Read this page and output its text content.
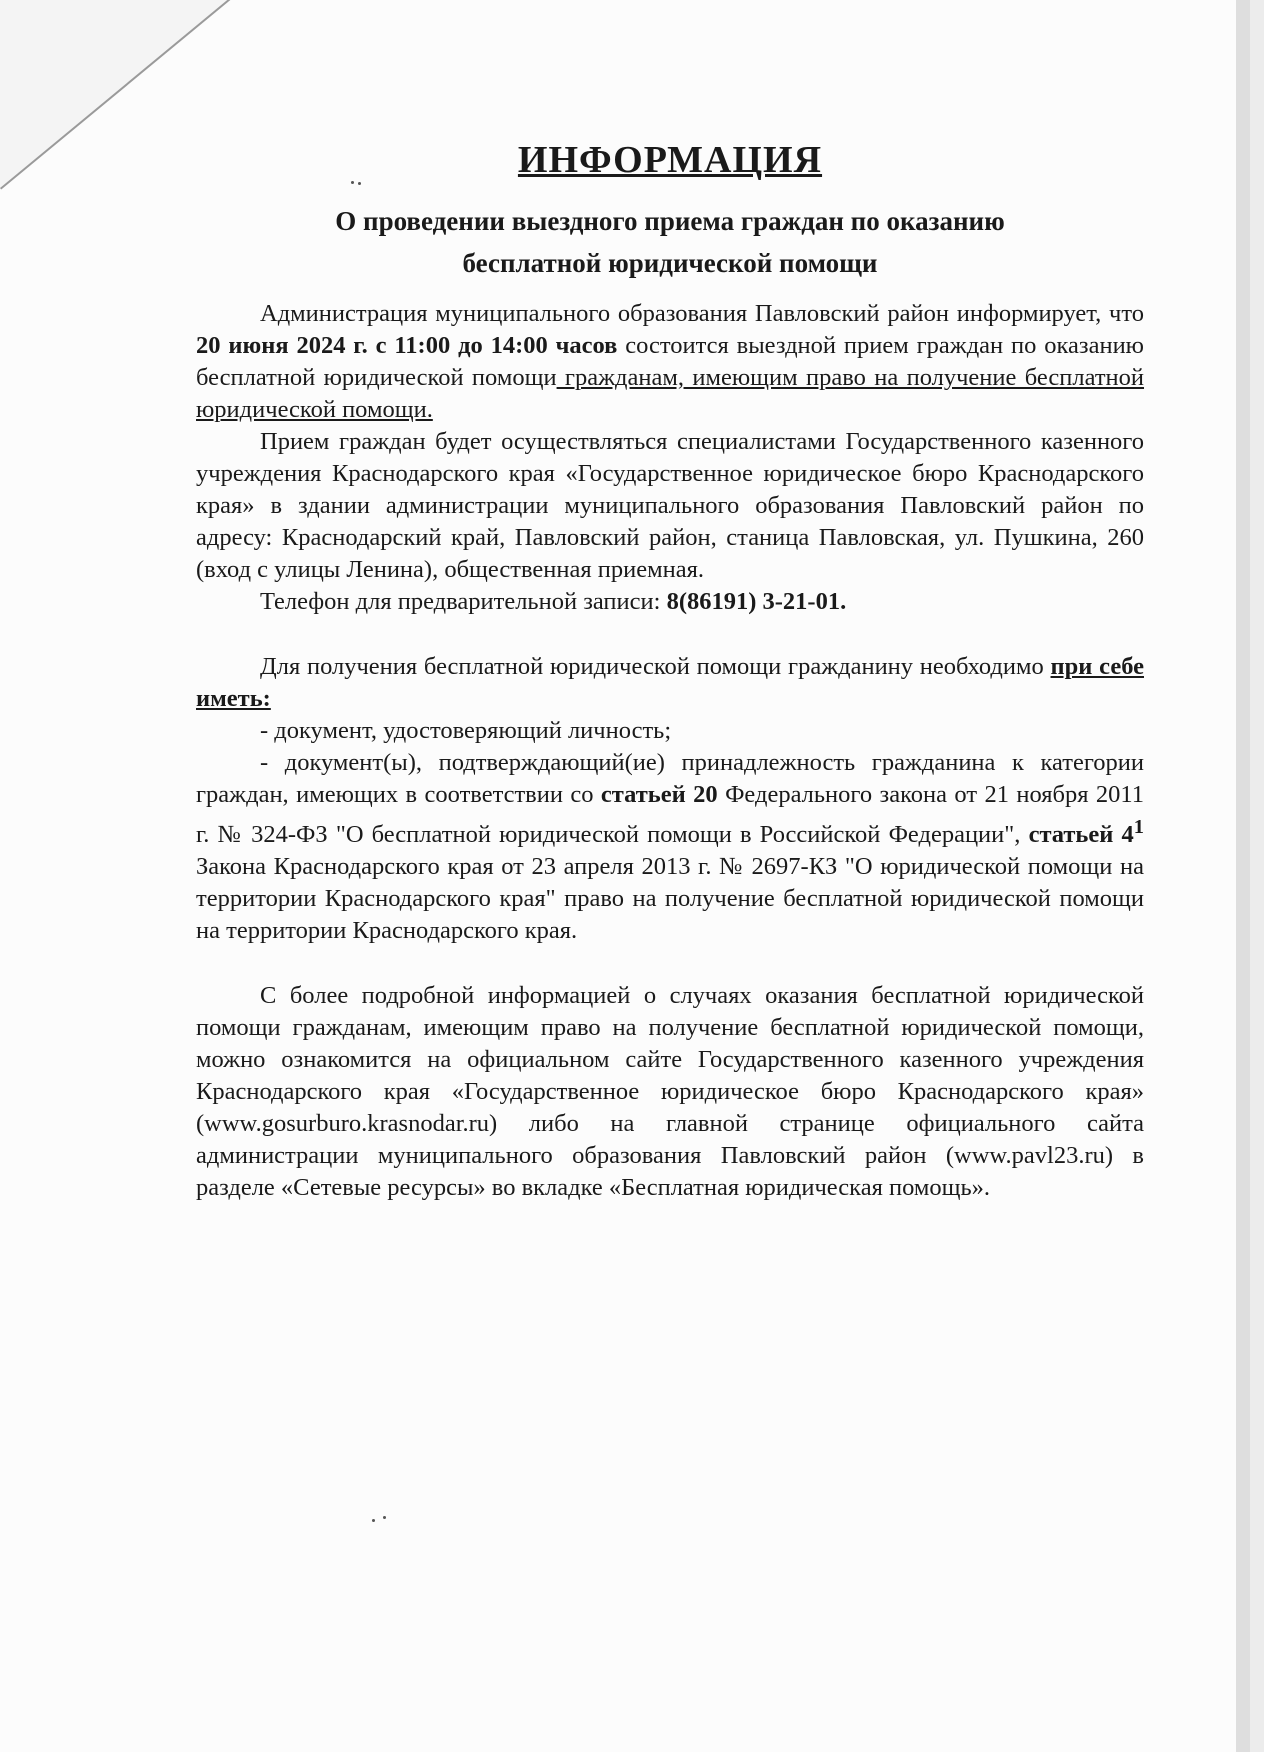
ИНФОРМАЦИЯ
О проведении выездного приема граждан по оказанию
бесплатной юридической помощи

Администрация муниципального образования Павловский район информирует, что 20 июня 2024 г. с 11:00 до 14:00 часов состоится выездной прием граждан по оказанию бесплатной юридической помощи гражданам, имеющим право на получение бесплатной юридической помощи.

Прием граждан будет осуществляться специалистами Государственного казенного учреждения Краснодарского края «Государственное юридическое бюро Краснодарского края» в здании администрации муниципального образования Павловский район по адресу: Краснодарский край, Павловский район, станица Павловская, ул. Пушкина, 260 (вход с улицы Ленина), общественная приемная.

Телефон для предварительной записи: 8(86191) 3-21-01.

Для получения бесплатной юридической помощи гражданину необходимо при себе иметь:

- документ, удостоверяющий личность;

- документ(ы), подтверждающий(ие) принадлежность гражданина к категории граждан, имеющих в соответствии со статьей 20 Федерального закона от 21 ноября 2011 г. № 324-ФЗ "О бесплатной юридической помощи в Российской Федерации", статьей $4^1$ Закона Краснодарского края от 23 апреля 2013 г. № 2697-КЗ "О юридической помощи на территории Краснодарского края" право на получение бесплатной юридической помощи на территории Краснодарского края.

С более подробной информацией о случаях оказания бесплатной юридической помощи гражданам, имеющим право на получение бесплатной юридической помощи, можно ознакомится на официальном сайте Государственного казенного учреждения Краснодарского края «Государственное юридическое бюро Краснодарского края» (www.gosurburo.krasnodar.ru) либо на главной странице официального сайта администрации муниципального образования Павловский район (www.pavl23.ru) в разделе «Сетевые ресурсы» во вкладке «Бесплатная юридическая помощь».
